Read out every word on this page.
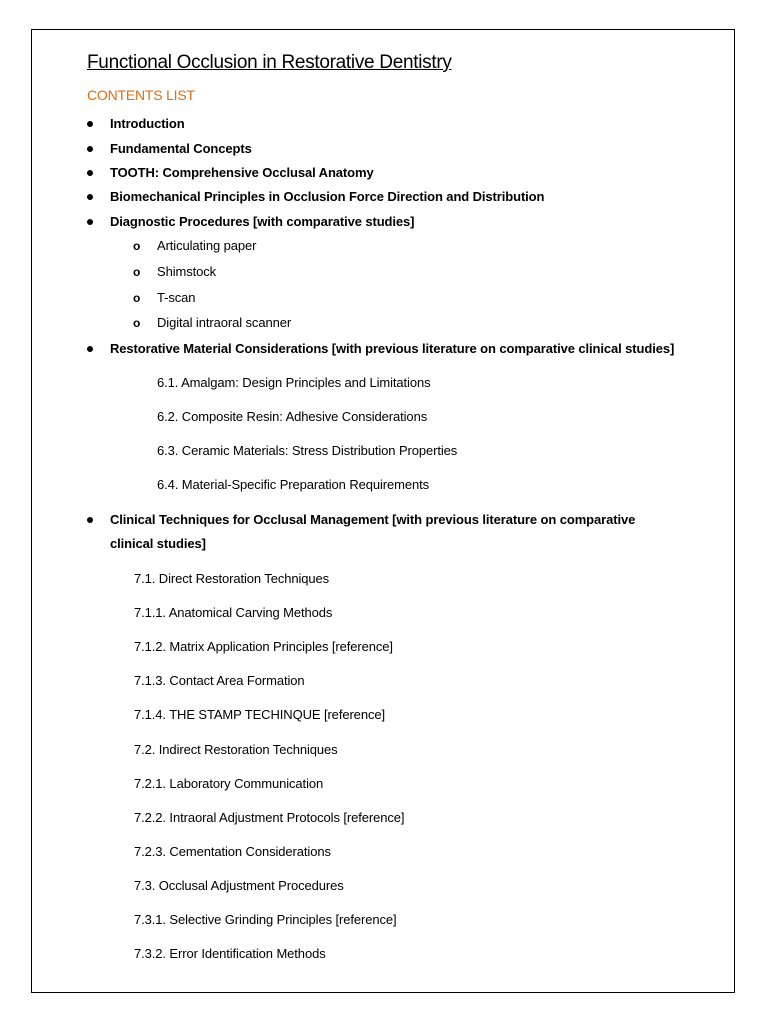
Functional Occlusion in Restorative Dentistry
CONTENTS LIST
Introduction
Fundamental Concepts
TOOTH: Comprehensive Occlusal Anatomy
Biomechanical Principles in Occlusion Force Direction and Distribution
Diagnostic Procedures [with comparative studies]
o Articulating paper
o Shimstock
o T-scan
o Digital intraoral scanner
Restorative Material Considerations [with previous literature on comparative clinical studies]
6.1. Amalgam: Design Principles and Limitations
6.2. Composite Resin: Adhesive Considerations
6.3. Ceramic Materials: Stress Distribution Properties
6.4. Material-Specific Preparation Requirements
Clinical Techniques for Occlusal Management [with previous literature on comparative clinical studies]
7.1. Direct Restoration Techniques
7.1.1. Anatomical Carving Methods
7.1.2. Matrix Application Principles [reference]
7.1.3. Contact Area Formation
7.1.4. THE STAMP TECHINQUE [reference]
7.2. Indirect Restoration Techniques
7.2.1. Laboratory Communication
7.2.2. Intraoral Adjustment Protocols [reference]
7.2.3. Cementation Considerations
7.3. Occlusal Adjustment Procedures
7.3.1. Selective Grinding Principles [reference]
7.3.2. Error Identification Methods
